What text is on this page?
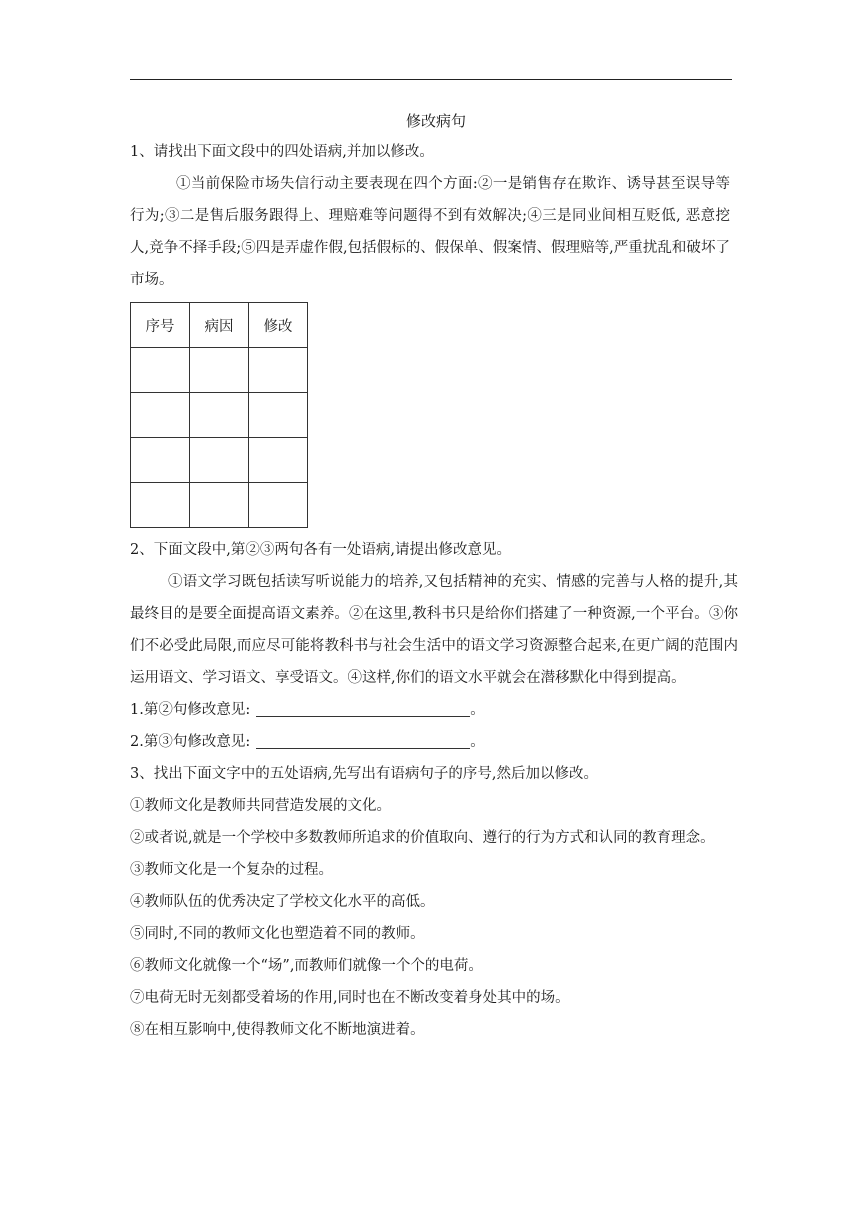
修改病句
1、请找出下面文段中的四处语病,并加以修改。
①当前保险市场失信行动主要表现在四个方面:②一是销售存在欺诈、诱导甚至误导等行为;③二是售后服务跟得上、理赔难等问题得不到有效解决;④三是同业间相互贬低, 恶意挖人,竞争不择手段;⑤四是弄虚作假,包括假标的、假保单、假案情、假理赔等,严重扰乱和破坏了市场。
序号	病因	修改

2、下面文段中,第②③两句各有一处语病,请提出修改意见。
①语文学习既包括读写听说能力的培养,又包括精神的充实、情感的完善与人格的提升,其最终目的是要全面提高语文素养。②在这里,教科书只是给你们搭建了一种资源,一个平台。③你们不必受此局限,而应尽可能将教科书与社会生活中的语文学习资源整合起来,在更广阔的范围内运用语文、学习语文、享受语文。④这样,你们的语文水平就会在潜移默化中得到提高。
1.第②句修改意见:	。
2.第③句修改意见:	。
3、找出下面文字中的五处语病,先写出有语病句子的序号,然后加以修改。
①教师文化是教师共同营造发展的文化。
②或者说,就是一个学校中多数教师所追求的价值取向、遵行的行为方式和认同的教育理念。
③教师文化是一个复杂的过程。
④教师队伍的优秀决定了学校文化水平的高低。
⑤同时,不同的教师文化也塑造着不同的教师。
⑥教师文化就像一个“场”,而教师们就像一个个的电荷。
⑦电荷无时无刻都受着场的作用,同时也在不断改变着身处其中的场。
⑧在相互影响中,使得教师文化不断地演进着。
